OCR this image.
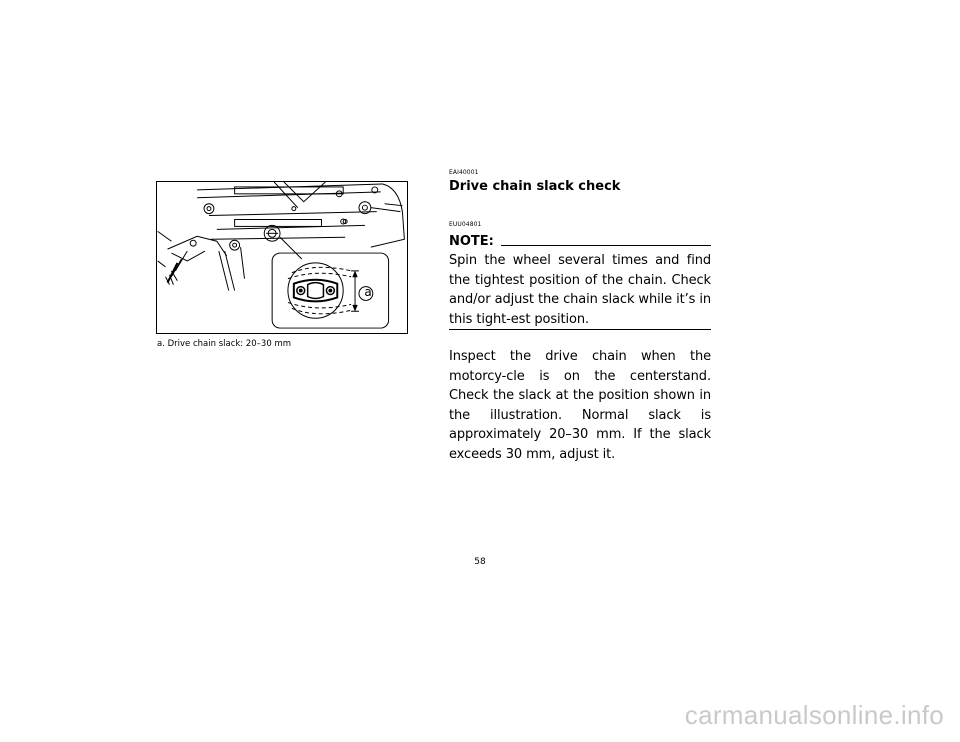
a
a. Drive chain slack: 20–30 mm
EAI40001
Drive chain slack check
EUU04801
NOTE:

Spin the wheel several times and find the tightest position of the chain. Check and/or adjust the chain slack while it’s in this tight-est position.

Inspect the drive chain when the motorcy-cle is on the centerstand. Check the slack at the position shown in the illustration. Normal slack is approximately 20–30 mm. If the slack exceeds 30 mm, adjust it.

58
carmanualsonline.info
